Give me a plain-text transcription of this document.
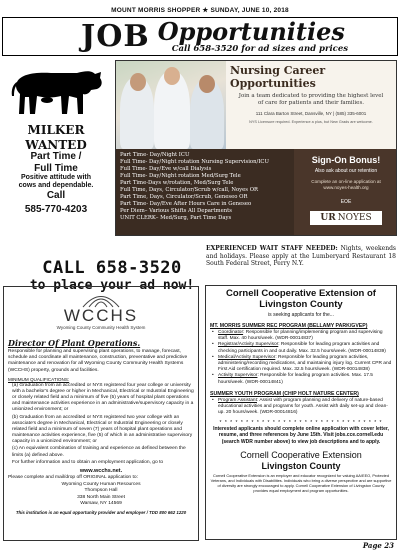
MOUNT MORRIS SHOPPER ★ SUNDAY, JUNE 10, 2018
JOB Opportunities
Call 658-3520 for ad sizes and prices
MILKER
WANTED
Part Time /
Full Time
Positive attitude with
cows and dependable.
Call
585-770-4203
Nursing Career
Opportunities
Join a team dedicated to providing the highest level
of care for patients and their families.
111 Clara Barton Street, Dansville, NY | (585) 335-6001
NYS Licensure required. Experience a plus, but New Grads are welcome.
Part Time- Day/Night ICU
Full Time- Day/Night rotation Nursing Supervision/ICU
Full Time- Day/Eve w/call Dialysis
Full Time- Day/Night rotation Med/Surg Tele
Part Time-Days w/rotation, Med/Surg Tele
Full Time, Days, Circulator/Scrub w/call, Noyes OR
Part Time, Days, Circulator/Scrub, Geneseo OR
Part Time- Day/Eve After Hours Care in Geneseo
Per Diem– Various Shifts All Departments
UNIT CLERK– Med/Surg, Part Time Days
Sign-On Bonus!
Also ask about our retention
Complete an on-line application at
www.noyes-health.org
EOE
UR NOYES
CALL 658-3520
to place your ad now!
EXPERIENCED WAIT STAFF NEEDED: Nights, weekends and holidays. Please apply at the Lumberyard Restaurant 18 South Federal Street, Perry N.Y.
WCCHS
Wyoming County Community Health System
Director Of Plant Operations.

Responsible for planning and supervising plant operations, to manage, forecast, schedule and coordinate all maintenance, construction, preventative and predictive maintenance and renovation for all Wyoming County Community Health Systems (WCCHS) property, grounds and facilities.

MINIMUM QUALIFICATIONS:

(a) Graduation from an accredited or NYS registered four year college or university with a bachelor's degree or higher in Mechanical, Electrical or Industrial Engineering or closely related field and a minimum of five (5) years of hospital plant operations and maintenance activities experience in an administrative/supervisory capacity in a unionized environment; or

(b) Graduation from an accredited or NYS registered two year college with an associate's degree in Mechanical, Electrical or Industrial Engineering or closely related field and a minimum of seven (7) years of hospital plant operations and maintenance activities experience, five (5) of which in an administrative supervisory capacity in a unionized environment; or

(c) An equivalent combination of training and experience as defined between the limits (a) defined above.

For further information and to obtain an employment application, go to

www.wcchs.net.

Please complete and mail/drop off ORIGINAL application to:

Wyoming County Human Resources
Thompson Hall
338 North Main Street
Warsaw, NY 14569
This institution is an equal opportunity provider and employer / TDD 800 662 1220
Cornell Cooperative Extension of
Livingston County
is seeking applicants for the...
MT. MORRIS SUMMER REC PROGRAM (BELLAMY PARK/GVEP)
• Coordinator: Responsible for planning/implementing program and supervising staff. Max. 40 hours/week. (WDR-00014837)
• Registrar/Activity Supervisor: Responsible for leading program activities and checking participants in and out daily. Max. 32.5 hours/week. (WDR-00014839)
• Medical/Activity Supervisor: Responsible for leading program activities, administering/recording medications, and maintaining injury log. Current CPR and First Aid certification required. Max. 32.5 hours/week. (WDR-00014838)
• Activity Supervisor: Responsible for leading program activities. Max. 17.5 hours/week. (WDR-00014841)
SUMMER YOUTH PROGRAM (CHIP HOLT NATURE CENTER)
• Program Assistant: Assist with program planning and delivery of nature-based educational activities and programs for youth. Assist with daily set-up and clean-up. 20 hours/week. (WDR-00014816)
* * * * * * * * * * * * * * * * * * * * * * * * * * * * * * *
Interested applicants should complete online application with cover letter, resume, and three references by June 15th. Visit jobs.cce.cornell.edu (search WDR number above) to view job descriptions and to apply.
Cornell Cooperative Extension
Livingston County
Cornell Cooperative Extension is an employer and educator recognized for valuing AA/EEO, Protected Veterans, and Individuals with Disabilities. Individuals who bring a diverse perspective and are supportive of diversity are strongly encouraged to apply. Cornell Cooperative Extension of Livingston County provides equal employment and program opportunities.
Page 23
